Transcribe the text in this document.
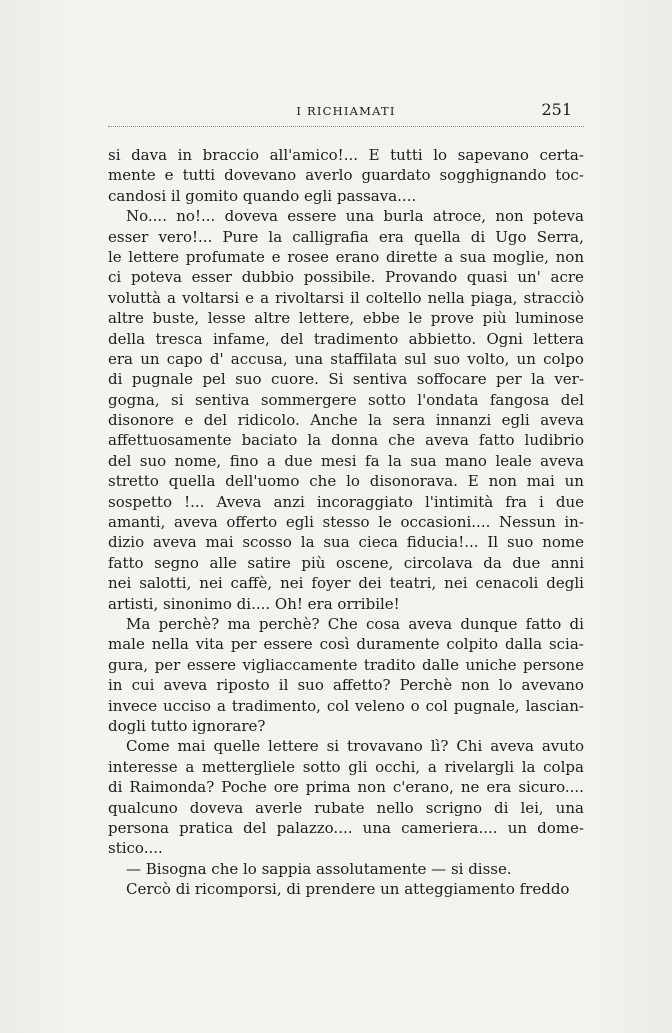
I RICHIAMATI	251
si dava in braccio all'amico!... E tutti lo sapevano certa-
mente e tutti dovevano averlo guardato sogghignando toc-
candosi il gomito quando egli passava....
No.... no!... doveva essere una burla atroce, non poteva
esser vero!... Pure la calligrafia era quella di Ugo Serra,
le lettere profumate e rosee erano dirette a sua moglie, non
ci poteva esser dubbio possibile. Provando quasi un' acre
voluttà a voltarsi e a rivoltarsi il coltello nella piaga, stracciò
altre buste, lesse altre lettere, ebbe le prove più luminose
della tresca infame, del tradimento abbietto. Ogni lettera
era un capo d' accusa, una staffilata sul suo volto, un colpo
di pugnale pel suo cuore. Si sentiva soffocare per la ver-
gogna, si sentiva sommergere sotto l'ondata fangosa del
disonore e del ridicolo. Anche la sera innanzi egli aveva
affettuosamente baciato la donna che aveva fatto ludibrio
del suo nome, fino a due mesi fa la sua mano leale aveva
stretto quella dell'uomo che lo disonorava. E non mai un
sospetto !... Aveva anzi incoraggiato l'intimità fra i due
amanti, aveva offerto egli stesso le occasioni.... Nessun in-
dizio aveva mai scosso la sua cieca fiducia!... Il suo nome
fatto segno alle satire più oscene, circolava da due anni
nei salotti, nei caffè, nei foyer dei teatri, nei cenacoli degli
artisti, sinonimo di.... Oh! era orribile!
Ma perchè? ma perchè? Che cosa aveva dunque fatto di
male nella vita per essere così duramente colpito dalla scia-
gura, per essere vigliaccamente tradito dalle uniche persone
in cui aveva riposto il suo affetto? Perchè non lo avevano
invece ucciso a tradimento, col veleno o col pugnale, lascian-
dogli tutto ignorare?
Come mai quelle lettere si trovavano lì? Chi aveva avuto
interesse a mettergliele sotto gli occhi, a rivelargli la colpa
di Raimonda? Poche ore prima non c'erano, ne era sicuro....
qualcuno doveva averle rubate nello scrigno di lei, una
persona pratica del palazzo.... una cameriera.... un dome-
stico....
— Bisogna che lo sappia assolutamente — si disse.
Cercò di ricomporsi, di prendere un atteggiamento freddo
